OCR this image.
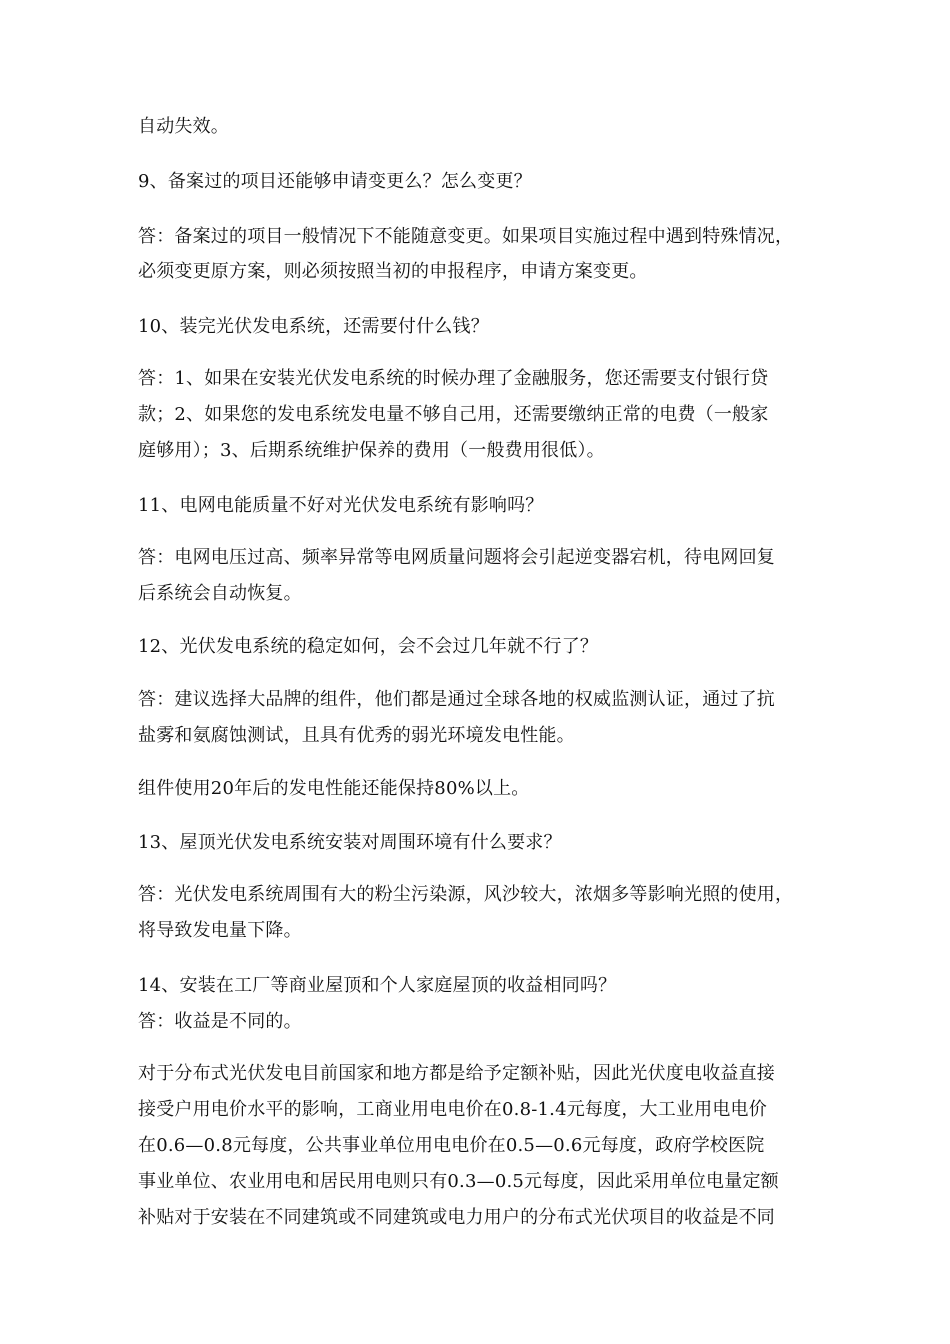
自动失效。
9、备案过的项目还能够申请变更么？怎么变更？
答：备案过的项目一般情况下不能随意变更。如果项目实施过程中遇到特殊情况，
必须变更原方案，则必须按照当初的申报程序，申请方案变更。
10、装完光伏发电系统，还需要付什么钱？
答：1、如果在安装光伏发电系统的时候办理了金融服务，您还需要支付银行贷
款；2、如果您的发电系统发电量不够自己用，还需要缴纳正常的电费（一般家
庭够用）；3、后期系统维护保养的费用（一般费用很低）。
11、电网电能质量不好对光伏发电系统有影响吗？
答：电网电压过高、频率异常等电网质量问题将会引起逆变器宕机，待电网回复
后系统会自动恢复。
12、光伏发电系统的稳定如何，会不会过几年就不行了？
答：建议选择大品牌的组件，他们都是通过全球各地的权威监测认证，通过了抗
盐雾和氨腐蚀测试，且具有优秀的弱光环境发电性能。
组件使用20年后的发电性能还能保持80%以上。
13、屋顶光伏发电系统安装对周围环境有什么要求？
答：光伏发电系统周围有大的粉尘污染源，风沙较大，浓烟多等影响光照的使用，
将导致发电量下降。
14、安装在工厂等商业屋顶和个人家庭屋顶的收益相同吗？
答：收益是不同的。
对于分布式光伏发电目前国家和地方都是给予定额补贴，因此光伏度电收益直接
接受户用电价水平的影响，工商业用电电价在0.8-1.4元每度，大工业用电电价
在0.6—0.8元每度，公共事业单位用电电价在0.5—0.6元每度，政府学校医院
事业单位、农业用电和居民用电则只有0.3—0.5元每度，因此采用单位电量定额
补贴对于安装在不同建筑或不同建筑或电力用户的分布式光伏项目的收益是不同
